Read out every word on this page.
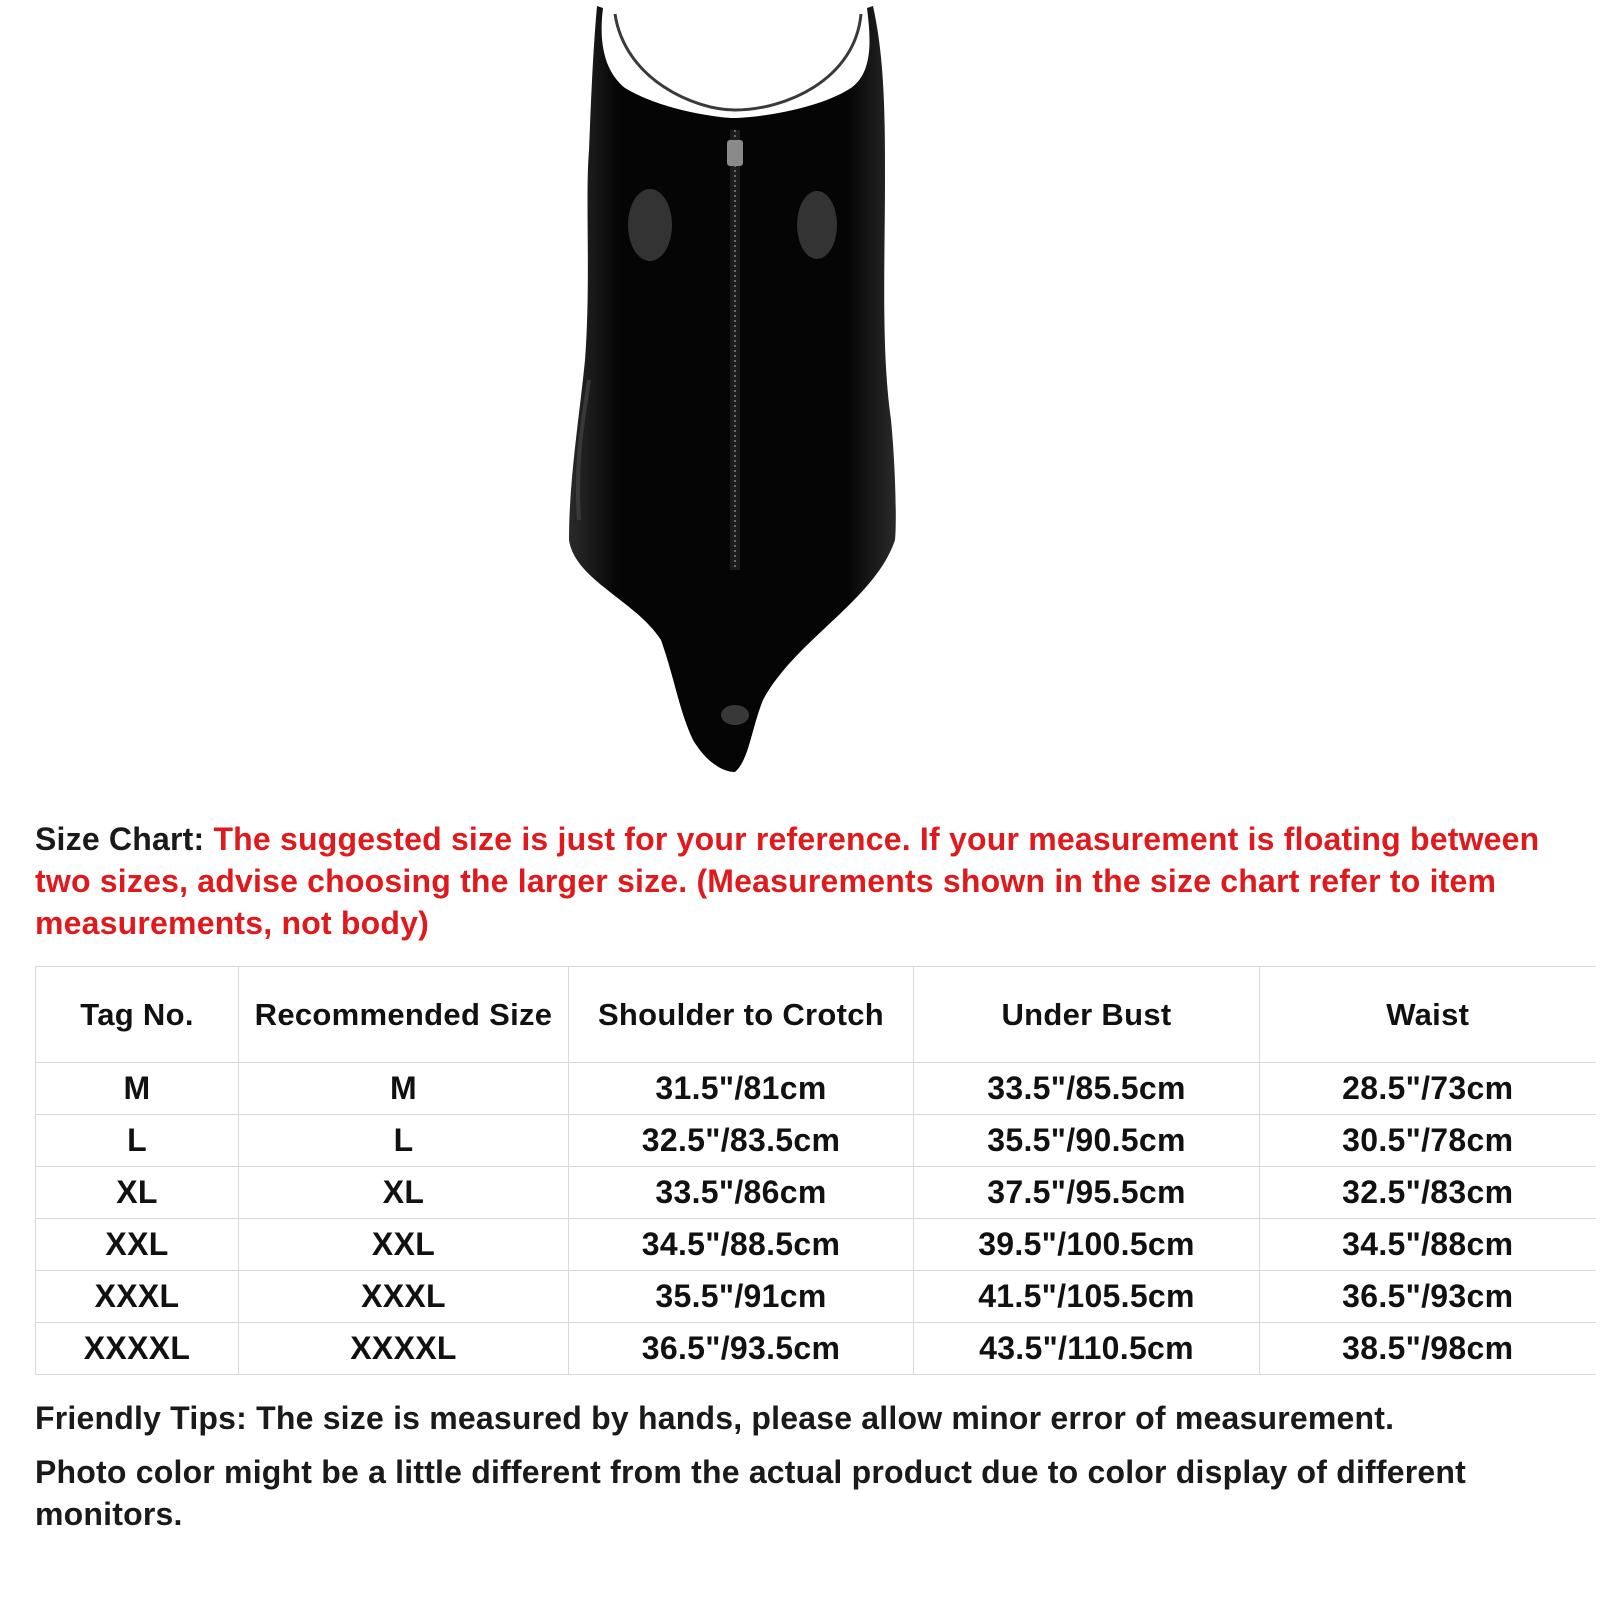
Size Chart: The suggested size is just for your reference. If your measurement is floating between two sizes, advise choosing the larger size. (Measurements shown in the size chart refer to item measurements, not body)
Tag No.	Recommended Size	Shoulder to Crotch	Under Bust	Waist
M	M	31.5"/81cm	33.5"/85.5cm	28.5"/73cm
L	L	32.5"/83.5cm	35.5"/90.5cm	30.5"/78cm
XL	XL	33.5"/86cm	37.5"/95.5cm	32.5"/83cm
XXL	XXL	34.5"/88.5cm	39.5"/100.5cm	34.5"/88cm
XXXL	XXXL	35.5"/91cm	41.5"/105.5cm	36.5"/93cm
XXXXL	XXXXL	36.5"/93.5cm	43.5"/110.5cm	38.5"/98cm

Friendly Tips: The size is measured by hands, please allow minor error of measurement.

Photo color might be a little different from the actual product due to color display of different monitors.
